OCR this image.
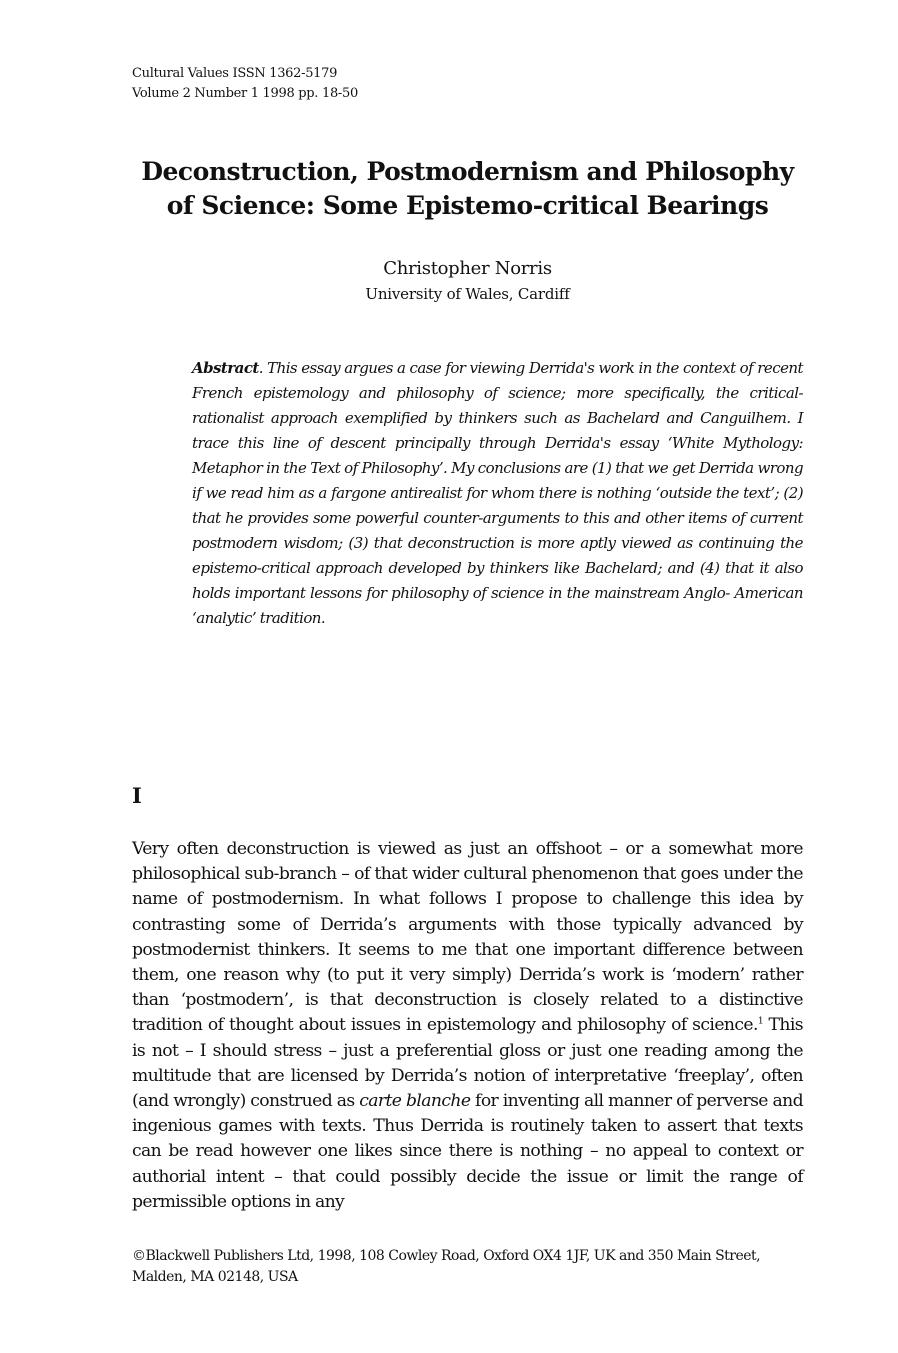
Cultural Values ISSN 1362-5179
Volume 2 Number 1 1998 pp. 18-50
Deconstruction, Postmodernism and Philosophy
of Science: Some Epistemo-critical Bearings
Christopher Norris
University of Wales, Cardiff
Abstract. This essay argues a case for viewing Derrida's work in the context of recent French epistemology and philosophy of science; more specifically, the critical-rationalist approach exemplified by thinkers such as Bachelard and Canguilhem. I trace this line of descent principally through Derrida's essay ‘White Mythology: Metaphor in the Text of Philosophy’. My conclusions are (1) that we get Derrida wrong if we read him as a fargone antirealist for whom there is nothing ‘outside the text’; (2) that he provides some powerful counter-arguments to this and other items of current postmodern wisdom; (3) that deconstruction is more aptly viewed as continuing the epistemo-critical approach developed by thinkers like Bachelard; and (4) that it also holds important lessons for philosophy of science in the mainstream Anglo- American ‘analytic’ tradition.
I
Very often deconstruction is viewed as just an offshoot – or a somewhat more philosophical sub-branch – of that wider cultural phenomenon that goes under the name of postmodernism. In what follows I propose to challenge this idea by contrasting some of Derrida’s arguments with those typically advanced by postmodernist thinkers. It seems to me that one important difference between them, one reason why (to put it very simply) Derrida’s work is ‘modern’ rather than ‘postmodern’, is that deconstruction is closely related to a distinctive tradition of thought about issues in epistemology and philosophy of science.$^1$ This is not – I should stress – just a preferential gloss or just one reading among the multitude that are licensed by Derrida’s notion of interpretative ‘freeplay’, often (and wrongly) construed as carte blanche for inventing all manner of perverse and ingenious games with texts. Thus Derrida is routinely taken to assert that texts can be read however one likes since there is nothing – no appeal to context or authorial intent – that could possibly decide the issue or limit the range of permissible options in any
©Blackwell Publishers Ltd, 1998, 108 Cowley Road, Oxford OX4 1JF, UK and 350 Main Street, Malden, MA 02148, USA
